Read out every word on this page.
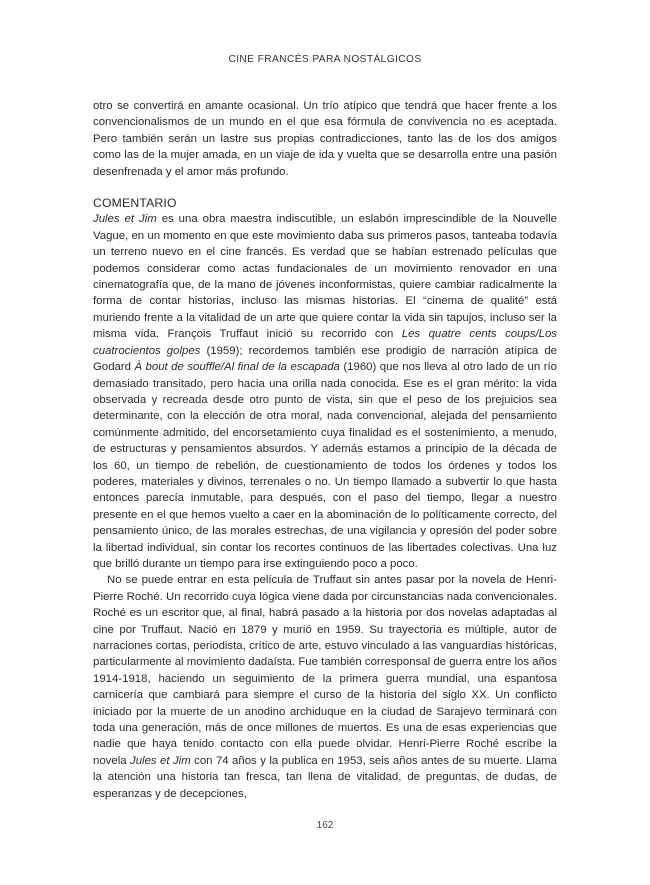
CINE FRANCÉS PARA NOSTÁLGICOS

otro se convertirá en amante ocasional. Un trío atípico que tendrá que hacer frente a los convencionalismos de un mundo en el que esa fórmula de convivencia no es aceptada. Pero también serán un lastre sus propias contradicciones, tanto las de los dos amigos como las de la mujer amada, en un viaje de ida y vuelta que se desarrolla entre una pasión desenfrenada y el amor más profundo.

COMENTARIO

Jules et Jim es una obra maestra indiscutible, un eslabón imprescindible de la Nouvelle Vague, en un momento en que este movimiento daba sus primeros pasos, tanteaba todavía un terreno nuevo en el cine francés. Es verdad que se habían estrenado películas que podemos considerar como actas fundacionales de un movimiento renovador en una cinematografía que, de la mano de jóvenes inconformistas, quiere cambiar radicalmente la forma de contar historias, incluso las mismas historias. El “cinema de qualité” está muriendo frente a la vitalidad de un arte que quiere contar la vida sin tapujos, incluso ser la misma vida. François Truffaut inició su recorrido con Les quatre cents coups/Los cuatrocientos golpes (1959); recordemos también ese prodigio de narración atípica de Godard À bout de souffle/Al final de la escapada (1960) que nos lleva al otro lado de un río demasiado transitado, pero hacia una orilla nada conocida. Ese es el gran mérito: la vida observada y recreada desde otro punto de vista, sin que el peso de los prejuicios sea determinante, con la elección de otra moral, nada convencional, alejada del pensamiento comúnmente admitido, del encorsetamiento cuya finalidad es el sostenimiento, a menudo, de estructuras y pensamientos absurdos. Y además estamos a principio de la década de los 60, un tiempo de rebelión, de cuestionamiento de todos los órdenes y todos los poderes, materiales y divinos, terrenales o no. Un tiempo llamado a subvertir lo que hasta entonces parecía inmutable, para después, con el paso del tiempo, llegar a nuestro presente en el que hemos vuelto a caer en la abominación de lo políticamente correcto, del pensamiento único, de las morales estrechas, de una vigilancia y opresión del poder sobre la libertad individual, sin contar los recortes continuos de las libertades colectivas. Una luz que brilló durante un tiempo para irse extinguiendo poco a poco.

No se puede entrar en esta película de Truffaut sin antes pasar por la novela de Henri-Pierre Roché. Un recorrido cuya lógica viene dada por circunstancias nada convencionales. Roché es un escritor que, al final, habrá pasado a la historia por dos novelas adaptadas al cine por Truffaut. Nació en 1879 y murió en 1959. Su trayectoria es múltiple, autor de narraciones cortas, periodista, crítico de arte, estuvo vinculado a las vanguardias históricas, particularmente al movimiento dadaísta. Fue también corresponsal de guerra entre los años 1914-1918, haciendo un seguimiento de la primera guerra mundial, una espantosa carnicería que cambiará para siempre el curso de la historia del siglo XX. Un conflicto iniciado por la muerte de un anodino archiduque en la ciudad de Sarajevo terminará con toda una generación, más de once millones de muertos. Es una de esas experiencias que nadie que haya tenido contacto con ella puede olvidar. Henri-Pierre Roché escribe la novela Jules et Jim con 74 años y la publica en 1953, seis años antes de su muerte. Llama la atención una historia tan fresca, tan llena de vitalidad, de preguntas, de dudas, de esperanzas y de decepciones,

162
